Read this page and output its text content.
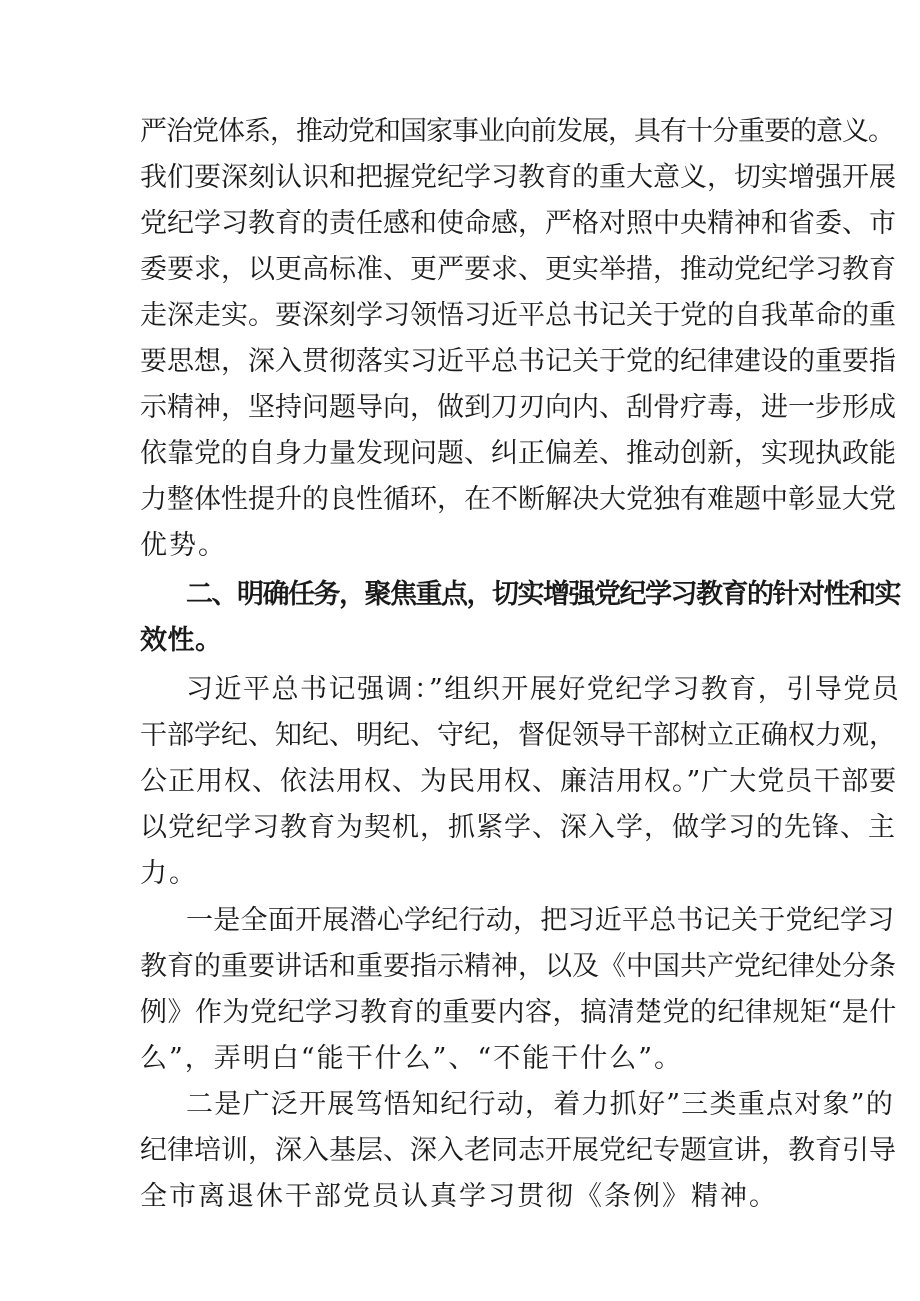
严治党体系，推动党和国家事业向前发展，具有十分重要的意义。
我们要深刻认识和把握党纪学习教育的重大意义，切实增强开展
党纪学习教育的责任感和使命感，严格对照中央精神和省委、市
委要求，以更高标准、更严要求、更实举措，推动党纪学习教育
走深走实。要深刻学习领悟习近平总书记关于党的自我革命的重
要思想，深入贯彻落实习近平总书记关于党的纪律建设的重要指
示精神，坚持问题导向，做到刀刃向内、刮骨疗毒，进一步形成
依靠党的自身力量发现问题、纠正偏差、推动创新，实现执政能
力整体性提升的良性循环，在不断解决大党独有难题中彰显大党
优势。
二、明确任务，聚焦重点，切实增强党纪学习教育的针对性和实
效性。
习近平总书记强调：”组织开展好党纪学习教育，引导党员
干部学纪、知纪、明纪、守纪，督促领导干部树立正确权力观，
公正用权、依法用权、为民用权、廉洁用权。”广大党员干部要
以党纪学习教育为契机，抓紧学、深入学，做学习的先锋、主
力。
一是全面开展潜心学纪行动，把习近平总书记关于党纪学习
教育的重要讲话和重要指示精神，以及《中国共产党纪律处分条
例》作为党纪学习教育的重要内容，搞清楚党的纪律规矩“是什
么”，弄明白“能干什么”、“不能干什么”。
二是广泛开展笃悟知纪行动，着力抓好”三类重点对象”的
纪律培训，深入基层、深入老同志开展党纪专题宣讲，教育引导
全市离退休干部党员认真学习贯彻《条例》精神。
